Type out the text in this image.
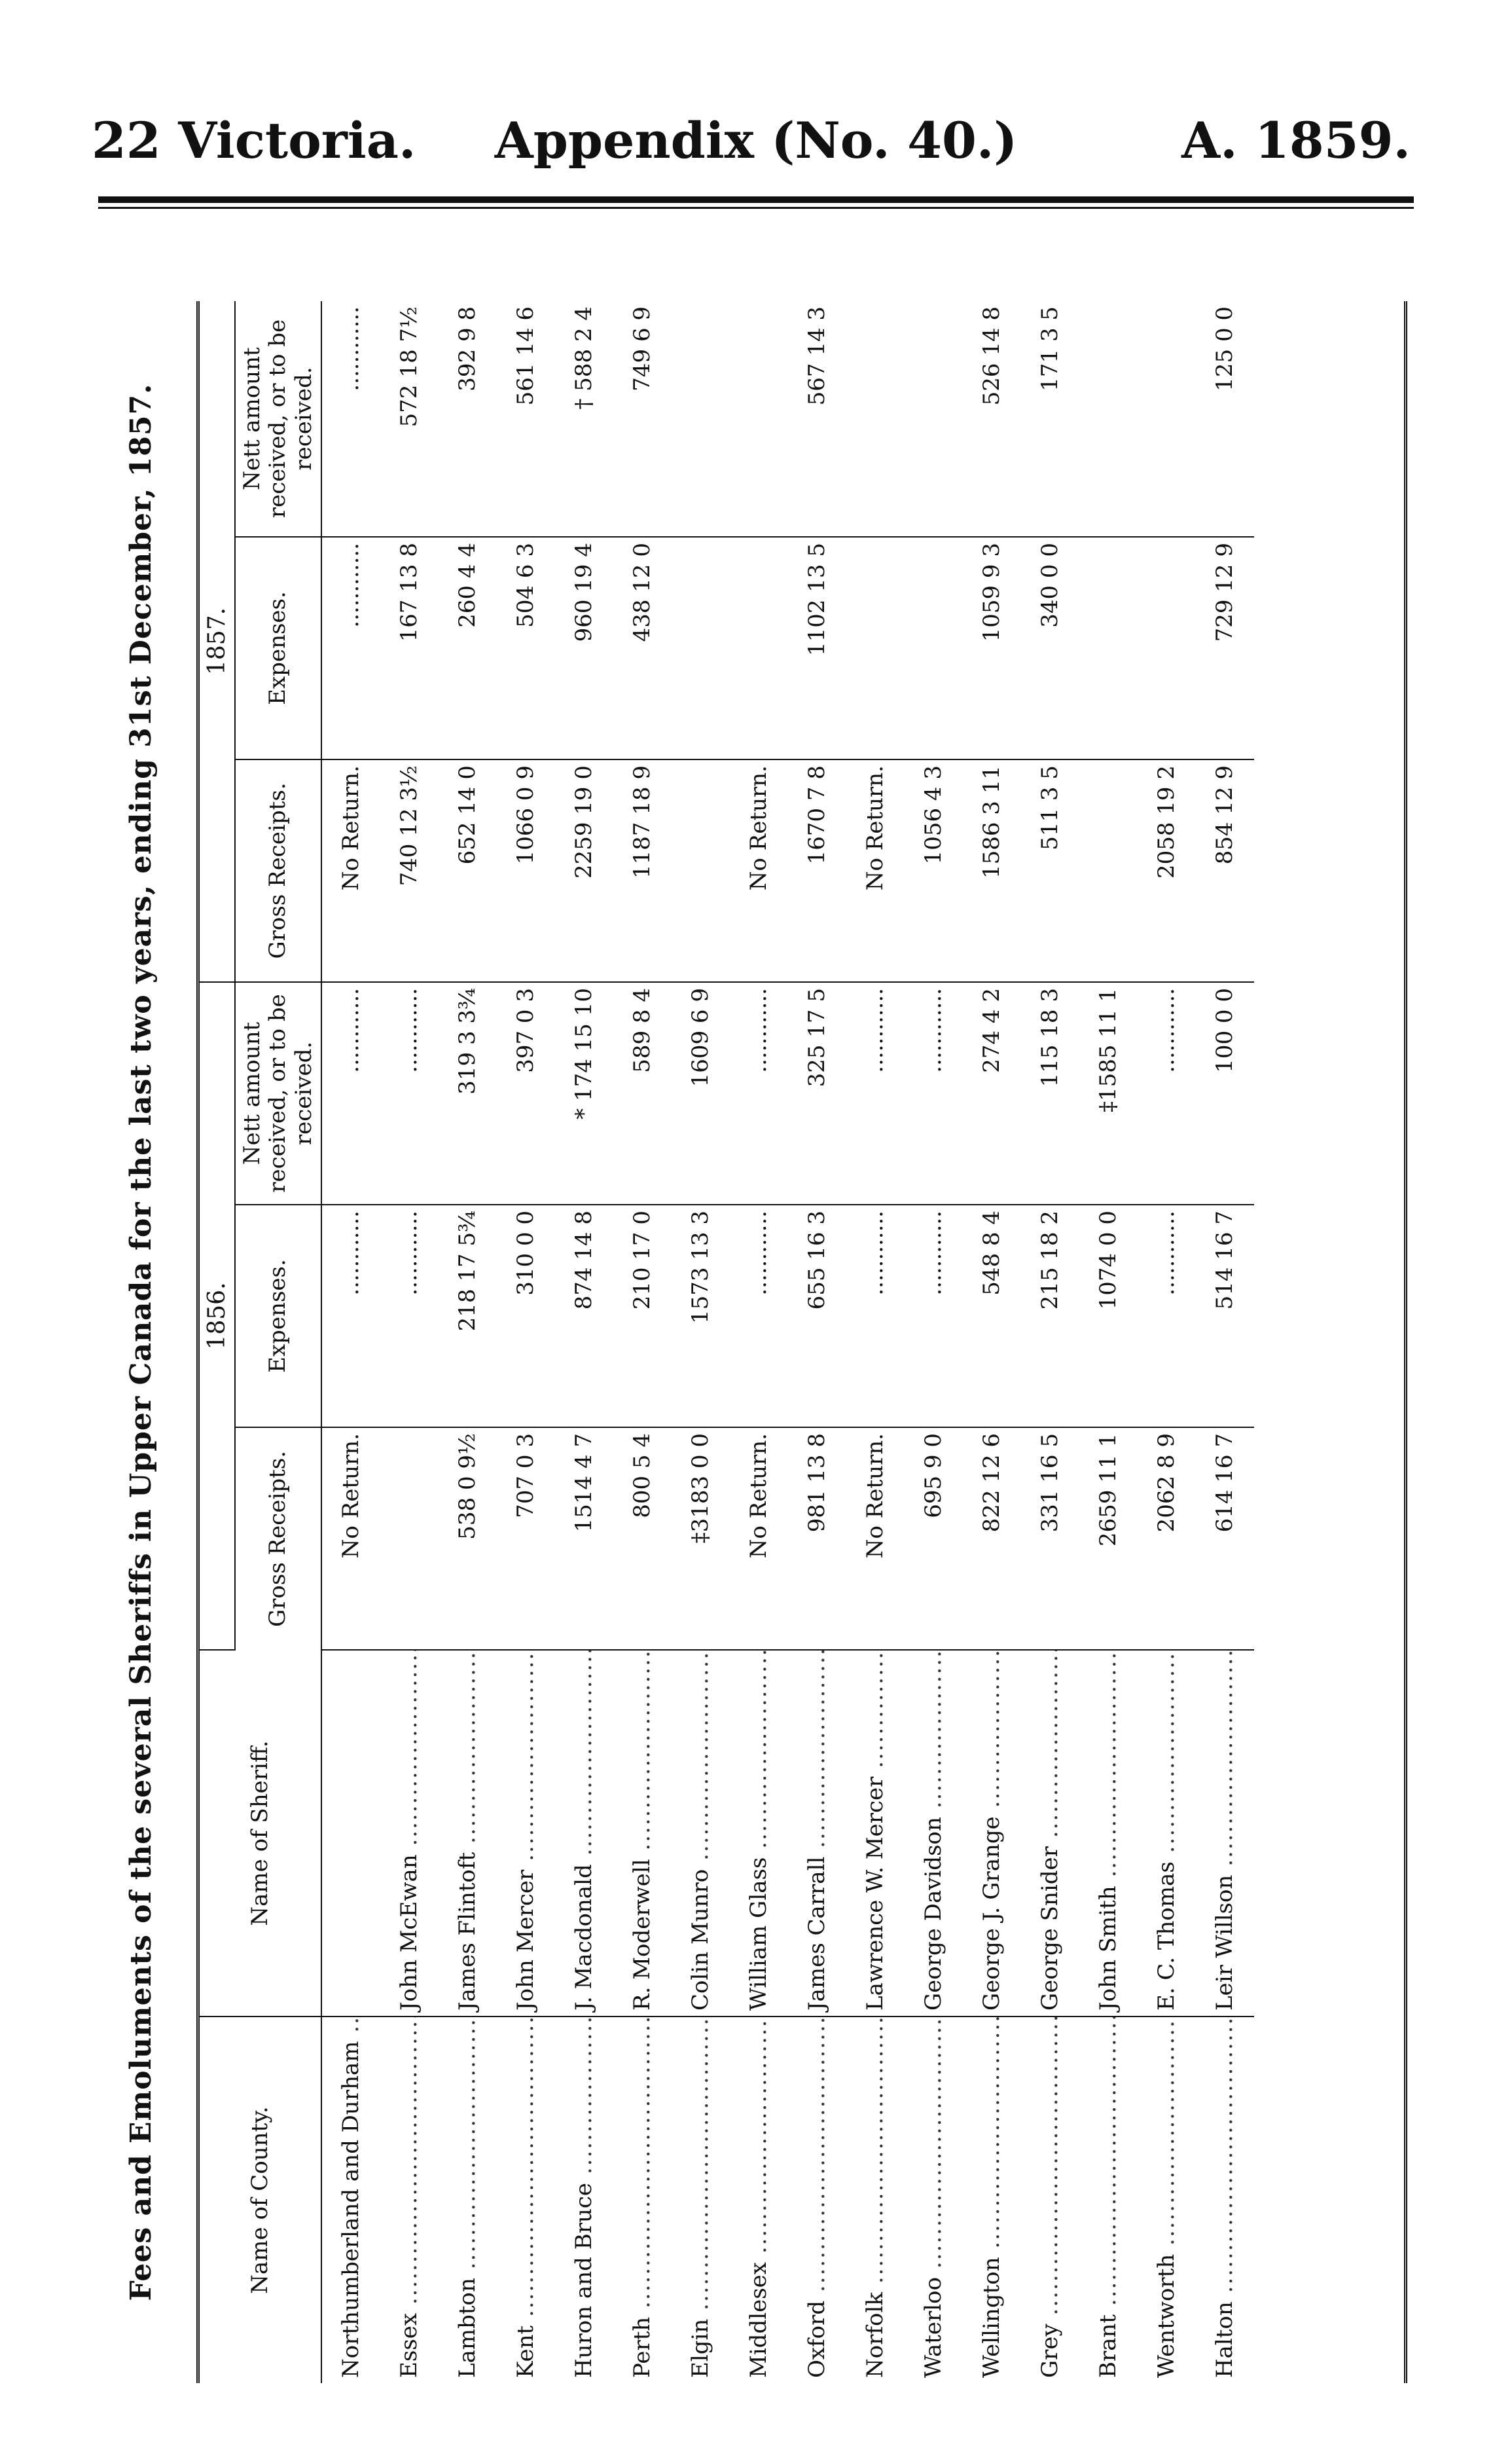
22 Victoria.	Appendix (No. 40.)	A. 1859.
Fees and Emoluments of the several Sheriffs in Upper Canada for the last two years, ending 31st December, 1857.	Name of County.	Name of Sheriff.	1856.			1857.		
		Gross Receipts.	Expenses.	Nett amount received, or to be received.	Gross Receipts.	Expenses.	Nett amount received, or to be received.
Northumberland and Durham .....		No Return.	............	............	No Return.	............	............
Essex .....	John McEwan .....		............	............	740 12 3½	167 13 8	572 18 7½
Lambton .....	James Flintoft .....	538 0 9½	218 17 5¾	319 3 3¾	652 14 0	260 4 4	392 9 8
Kent .....	John Mercer .....	707 0 3	310 0 0	397 0 3	1066 0 9	504 6 3	561 14 6
Huron and Bruce .....	J. Macdonald .....	1514 4 7	874 14 8	* 174 15 10	2259 19 0	960 19 4	† 588 2 4
Perth .....	R. Moderwell .....	800 5 4	210 17 0	589 8 4	1187 18 9	438 12 0	749 6 9
Elgin .....	Colin Munro .....	‡3183 0 0	1573 13 3	1609 6 9			
Middlesex .....	William Glass .....	No Return.	............	............	No Return.		
Oxford .....	James Carrall .....	981 13 8	655 16 3	325 17 5	1670 7 8	1102 13 5	567 14 3
Norfolk .....	Lawrence W. Mercer .....	No Return.	............	............	No Return.		
Waterloo .....	George Davidson .....	695 9 0	............	............	1056 4 3		
Wellington .....	George J. Grange .....	822 12 6	548 8 4	274 4 2	1586 3 11	1059 9 3	526 14 8
Grey .....	George Snider .....	331 16 5	215 18 2	115 18 3	511 3 5	340 0 0	171 3 5
Brant .....	John Smith .....	2659 11 1	1074 0 0	‡1585 11 1			
Wentworth .....	E. C. Thomas .....	2062 8 9	............	............	2058 19 2		
Halton .....	Leir Willson .....	614 16 7	514 16 7	100 0 0	854 12 9	729 12 9	125 0 0
